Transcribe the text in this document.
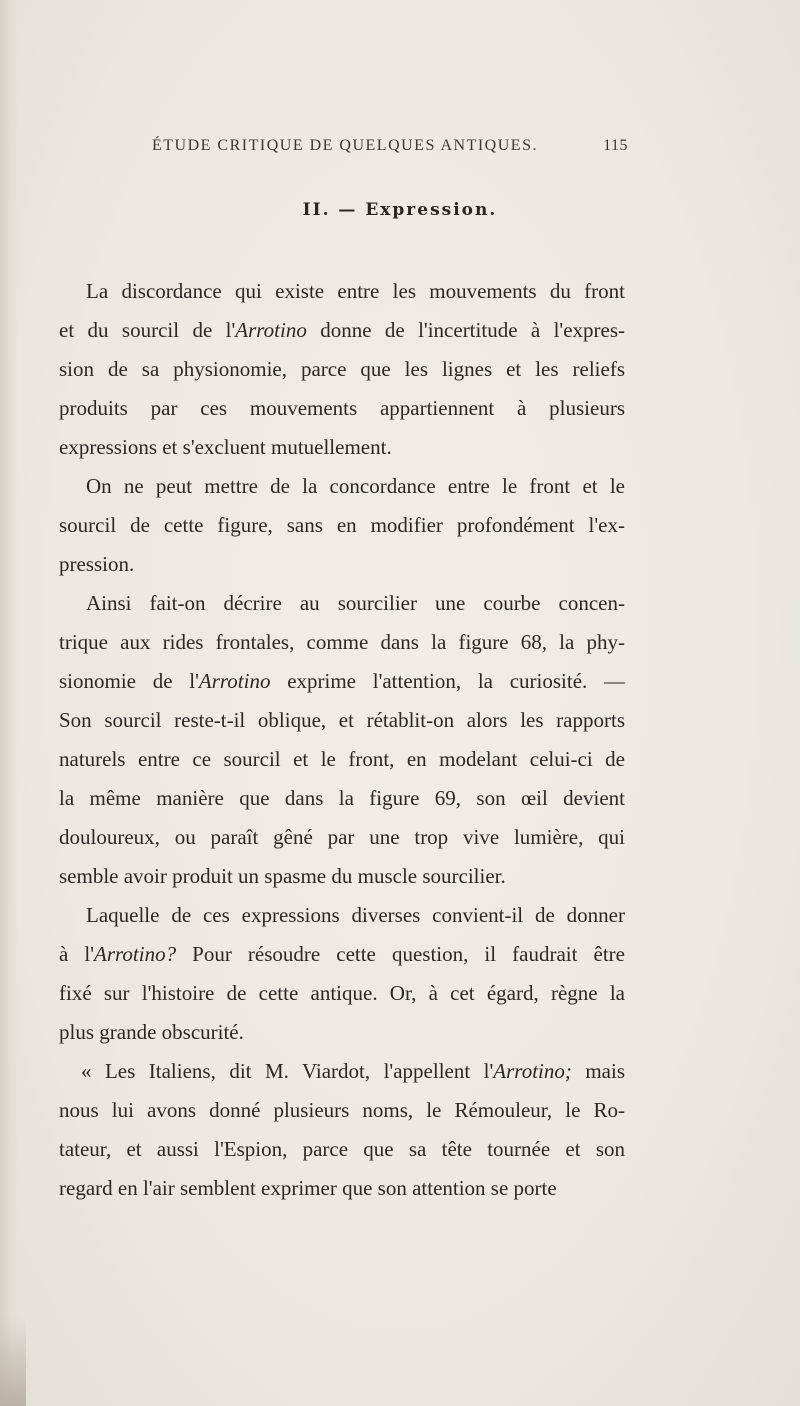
ÉTUDE CRITIQUE DE QUELQUES ANTIQUES.	115
II. — Expression.
La discordance qui existe entre les mouvements du front
et du sourcil de l'Arrotino donne de l'incertitude à l'expres-
sion de sa physionomie, parce que les lignes et les reliefs
produits par ces mouvements appartiennent à plusieurs
expressions et s'excluent mutuellement.
On ne peut mettre de la concordance entre le front et le
sourcil de cette figure, sans en modifier profondément l'ex-
pression.
Ainsi fait-on décrire au sourcilier une courbe concen-
trique aux rides frontales, comme dans la figure 68, la phy-
sionomie de l'Arrotino exprime l'attention, la curiosité. —
Son sourcil reste-t-il oblique, et rétablit-on alors les rapports
naturels entre ce sourcil et le front, en modelant celui-ci de
la même manière que dans la figure 69, son œil devient
douloureux, ou paraît gêné par une trop vive lumière, qui
semble avoir produit un spasme du muscle sourcilier.
Laquelle de ces expressions diverses convient-il de donner
à l'Arrotino? Pour résoudre cette question, il faudrait être
fixé sur l'histoire de cette antique. Or, à cet égard, règne la
plus grande obscurité.
« Les Italiens, dit M. Viardot, l'appellent l'Arrotino; mais
nous lui avons donné plusieurs noms, le Rémouleur, le Ro-
tateur, et aussi l'Espion, parce que sa tête tournée et son
regard en l'air semblent exprimer que son attention se porte
